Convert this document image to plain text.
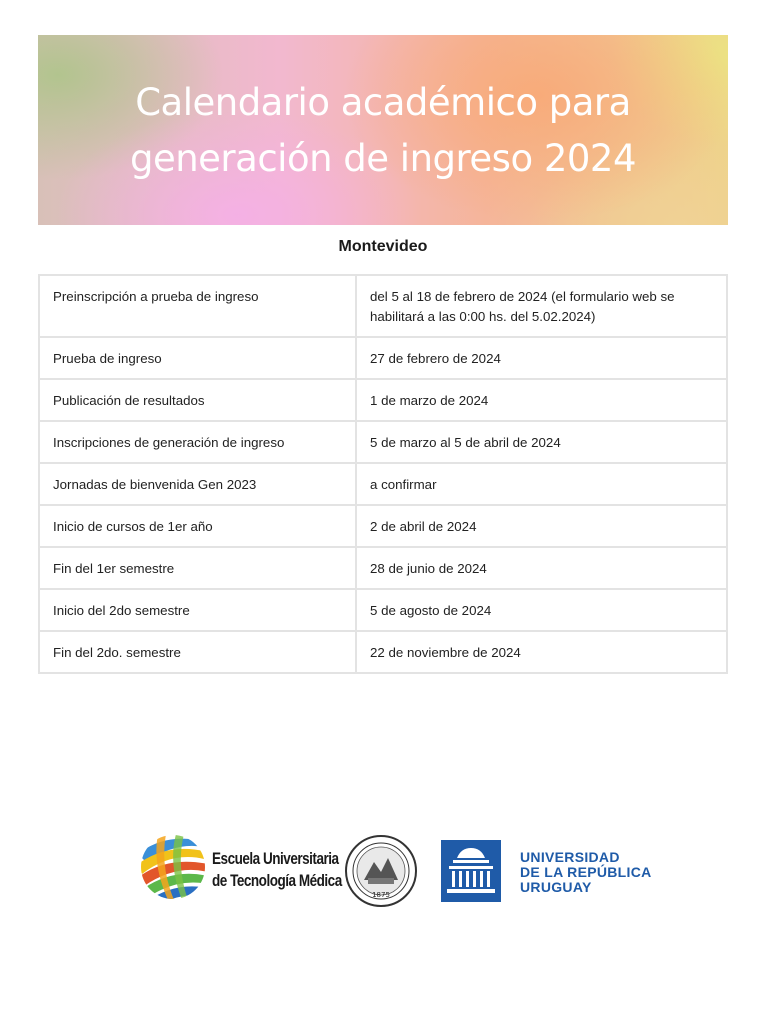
Calendario académico para
generación de ingreso 2024
Montevideo
Preinscripción a prueba de ingreso	del 5 al 18 de febrero de 2024 (el formulario web se habilitará a las 0:00 hs. del 5.02.2024)
Prueba de ingreso	27 de febrero de 2024
Publicación de resultados	1 de marzo de 2024
Inscripciones de generación de ingreso	5 de marzo al 5 de abril de 2024
Jornadas de bienvenida Gen 2023	a confirmar
Inicio de cursos de 1er año	2 de abril de 2024
Fin del 1er semestre	28 de junio de 2024
Inicio del 2do semestre	5 de agosto de 2024
Fin del 2do. semestre	22 de noviembre de 2024
Escuela Universitaria
de Tecnología Médica
1875
UNIVERSIDAD
DE LA REPÚBLICA
URUGUAY
